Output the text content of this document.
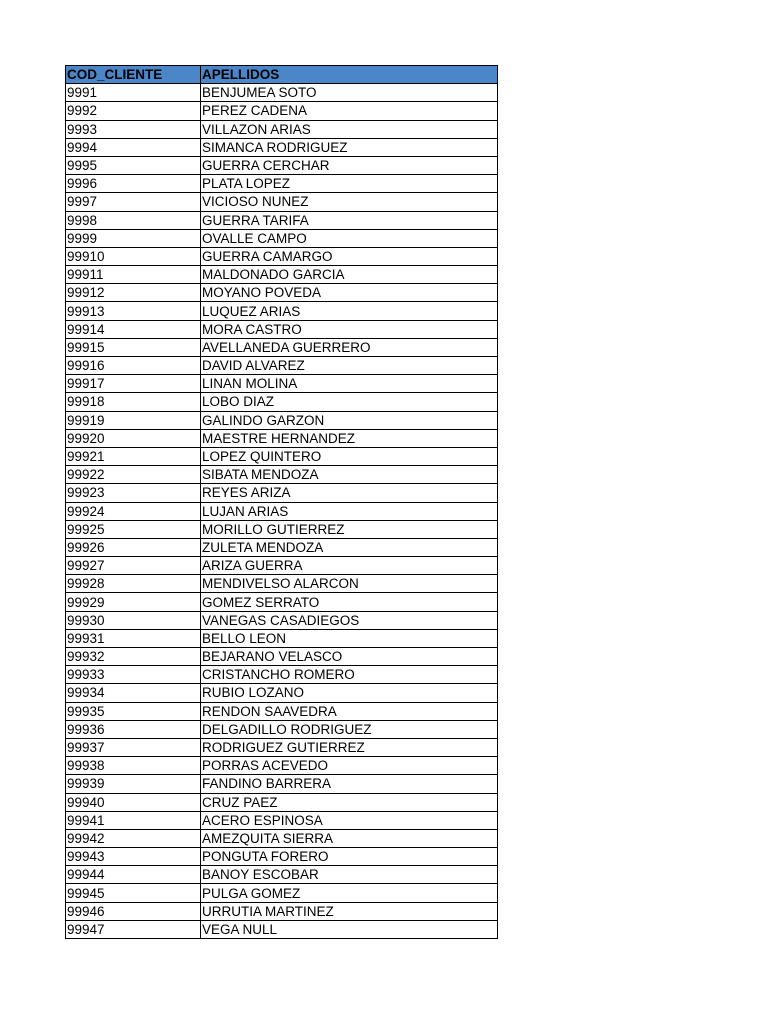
COD_CLIENTE	APELLIDOS
9991	BENJUMEA SOTO
9992	PEREZ CADENA
9993	VILLAZON ARIAS
9994	SIMANCA RODRIGUEZ
9995	GUERRA CERCHAR
9996	PLATA LOPEZ
9997	VICIOSO NUNEZ
9998	GUERRA TARIFA
9999	OVALLE CAMPO
99910	GUERRA CAMARGO
99911	MALDONADO GARCIA
99912	MOYANO POVEDA
99913	LUQUEZ ARIAS
99914	MORA CASTRO
99915	AVELLANEDA GUERRERO
99916	DAVID ALVAREZ
99917	LINAN MOLINA
99918	LOBO DIAZ
99919	GALINDO GARZON
99920	MAESTRE HERNANDEZ
99921	LOPEZ QUINTERO
99922	SIBATA MENDOZA
99923	REYES ARIZA
99924	LUJAN ARIAS
99925	MORILLO GUTIERREZ
99926	ZULETA MENDOZA
99927	ARIZA GUERRA
99928	MENDIVELSO ALARCON
99929	GOMEZ SERRATO
99930	VANEGAS CASADIEGOS
99931	BELLO LEON
99932	BEJARANO VELASCO
99933	CRISTANCHO ROMERO
99934	RUBIO LOZANO
99935	RENDON SAAVEDRA
99936	DELGADILLO RODRIGUEZ
99937	RODRIGUEZ GUTIERREZ
99938	PORRAS ACEVEDO
99939	FANDINO BARRERA
99940	CRUZ PAEZ
99941	ACERO ESPINOSA
99942	AMEZQUITA SIERRA
99943	PONGUTA FORERO
99944	BANOY ESCOBAR
99945	PULGA GOMEZ
99946	URRUTIA MARTINEZ
99947	VEGA NULL
